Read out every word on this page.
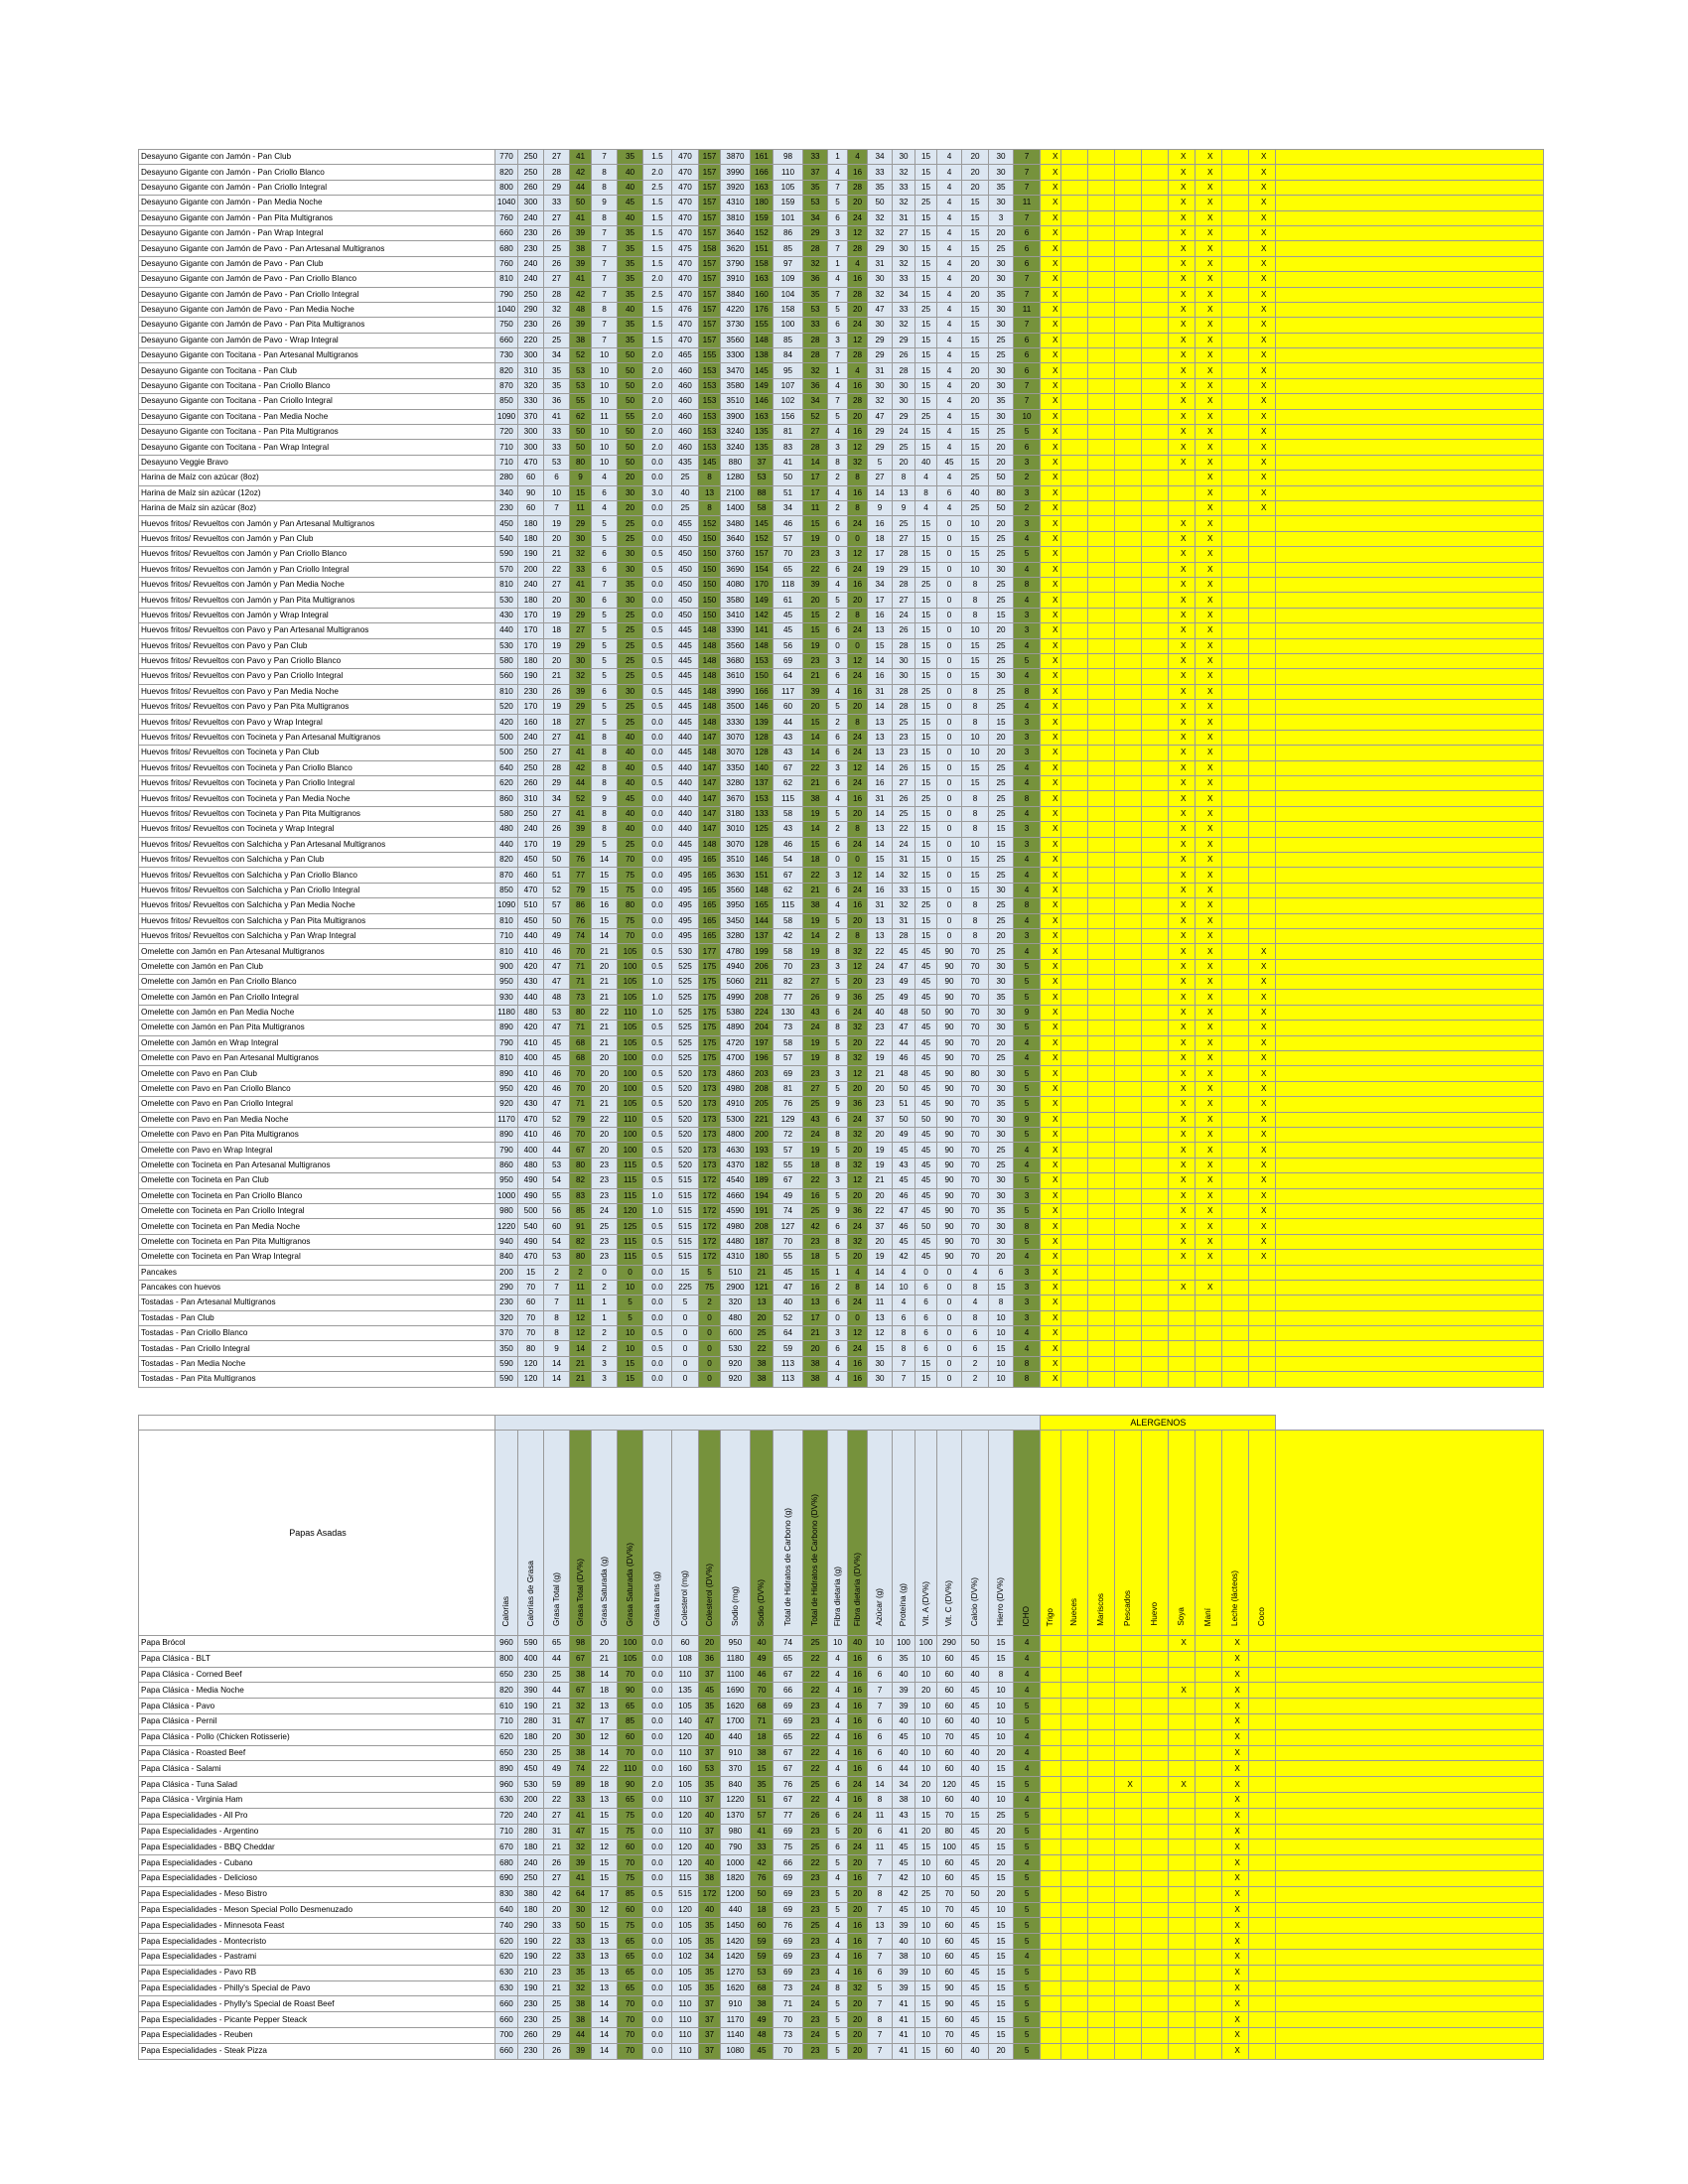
Desayuno Gigante con Jamón - Pan Club	770	250	27	41	7	35	1.5	470	157	3870	161	98	33	1	4	34	30	15	4	20	30	7	X					X	X		X	
Desayuno Gigante con Jamón - Pan Criollo Blanco	820	250	28	42	8	40	2.0	470	157	3990	166	110	37	4	16	33	32	15	4	20	30	7	X					X	X		X	
Desayuno Gigante con Jamón - Pan Criollo Integral	800	260	29	44	8	40	2.5	470	157	3920	163	105	35	7	28	35	33	15	4	20	35	7	X					X	X		X	
Desayuno Gigante con Jamón - Pan Media Noche	1040	300	33	50	9	45	1.5	470	157	4310	180	159	53	5	20	50	32	25	4	15	30	11	X					X	X		X	
Desayuno Gigante con Jamón - Pan Pita Multigranos	760	240	27	41	8	40	1.5	470	157	3810	159	101	34	6	24	32	31	15	4	15	3	7	X					X	X		X	
Desayuno Gigante con Jamón - Pan Wrap Integral	660	230	26	39	7	35	1.5	470	157	3640	152	86	29	3	12	32	27	15	4	15	20	6	X					X	X		X	
Desayuno Gigante con Jamón de Pavo - Pan Artesanal Multigranos	680	230	25	38	7	35	1.5	475	158	3620	151	85	28	7	28	29	30	15	4	15	25	6	X					X	X		X	
Desayuno Gigante con Jamón de Pavo - Pan Club	760	240	26	39	7	35	1.5	470	157	3790	158	97	32	1	4	31	32	15	4	20	30	6	X					X	X		X	
Desayuno Gigante con Jamón de Pavo - Pan Criollo Blanco	810	240	27	41	7	35	2.0	470	157	3910	163	109	36	4	16	30	33	15	4	20	30	7	X					X	X		X	
Desayuno Gigante con Jamón de Pavo - Pan Criollo Integral	790	250	28	42	7	35	2.5	470	157	3840	160	104	35	7	28	32	34	15	4	20	35	7	X					X	X		X	
Desayuno Gigante con Jamón de Pavo - Pan Media Noche	1040	290	32	48	8	40	1.5	476	157	4220	176	158	53	5	20	47	33	25	4	15	30	11	X					X	X		X	
Desayuno Gigante con Jamón de Pavo - Pan Pita Multigranos	750	230	26	39	7	35	1.5	470	157	3730	155	100	33	6	24	30	32	15	4	15	30	7	X					X	X		X	
Desayuno Gigante con Jamón de Pavo - Wrap Integral	660	220	25	38	7	35	1.5	470	157	3560	148	85	28	3	12	29	29	15	4	15	25	6	X					X	X		X	
Desayuno Gigante con Tocitana - Pan Artesanal Multigranos	730	300	34	52	10	50	2.0	465	155	3300	138	84	28	7	28	29	26	15	4	15	25	6	X					X	X		X	
Desayuno Gigante con Tocitana - Pan Club	820	310	35	53	10	50	2.0	460	153	3470	145	95	32	1	4	31	28	15	4	20	30	6	X					X	X		X	
Desayuno Gigante con Tocitana - Pan Criollo Blanco	870	320	35	53	10	50	2.0	460	153	3580	149	107	36	4	16	30	30	15	4	20	30	7	X					X	X		X	
Desayuno Gigante con Tocitana - Pan Criollo Integral	850	330	36	55	10	50	2.0	460	153	3510	146	102	34	7	28	32	30	15	4	20	35	7	X					X	X		X	
Desayuno Gigante con Tocitana - Pan Media Noche	1090	370	41	62	11	55	2.0	460	153	3900	163	156	52	5	20	47	29	25	4	15	30	10	X					X	X		X	
Desayuno Gigante con Tocitana - Pan Pita Multigranos	720	300	33	50	10	50	2.0	460	153	3240	135	81	27	4	16	29	24	15	4	15	25	5	X					X	X		X	
Desayuno Gigante con Tocitana - Pan Wrap Integral	710	300	33	50	10	50	2.0	460	153	3240	135	83	28	3	12	29	25	15	4	15	20	6	X					X	X		X	
Desayuno Veggie Bravo	710	470	53	80	10	50	0.0	435	145	880	37	41	14	8	32	5	20	40	45	15	20	3	X					X	X		X	
Harina de Maíz con azúcar (8oz)	280	60	6	9	4	20	0.0	25	8	1280	53	50	17	2	8	27	8	4	4	25	50	2	X						X		X	
Harina de Maíz sin azúcar (12oz)	340	90	10	15	6	30	3.0	40	13	2100	88	51	17	4	16	14	13	8	6	40	80	3	X						X		X	
Harina de Maíz sin azúcar (8oz)	230	60	7	11	4	20	0.0	25	8	1400	58	34	11	2	8	9	9	4	4	25	50	2	X						X		X	
Huevos fritos/ Revueltos con Jamón y Pan Artesanal Multigranos	450	180	19	29	5	25	0.0	455	152	3480	145	46	15	6	24	16	25	15	0	10	20	3	X					X	X			
Huevos fritos/ Revueltos con Jamón y Pan Club	540	180	20	30	5	25	0.0	450	150	3640	152	57	19	0	0	18	27	15	0	15	25	4	X					X	X			
Huevos fritos/ Revueltos con Jamón y Pan Criollo Blanco	590	190	21	32	6	30	0.5	450	150	3760	157	70	23	3	12	17	28	15	0	15	25	5	X					X	X			
Huevos fritos/ Revueltos con Jamón y Pan Criollo Integral	570	200	22	33	6	30	0.5	450	150	3690	154	65	22	6	24	19	29	15	0	10	30	4	X					X	X			
Huevos fritos/ Revueltos con Jamón y Pan Media Noche	810	240	27	41	7	35	0.0	450	150	4080	170	118	39	4	16	34	28	25	0	8	25	8	X					X	X			
Huevos fritos/ Revueltos con Jamón y Pan Pita Multigranos	530	180	20	30	6	30	0.0	450	150	3580	149	61	20	5	20	17	27	15	0	8	25	4	X					X	X			
Huevos fritos/ Revueltos con Jamón y Wrap Integral	430	170	19	29	5	25	0.0	450	150	3410	142	45	15	2	8	16	24	15	0	8	15	3	X					X	X			
Huevos fritos/ Revueltos con Pavo y Pan Artesanal Multigranos	440	170	18	27	5	25	0.5	445	148	3390	141	45	15	6	24	13	26	15	0	10	20	3	X					X	X			
Huevos fritos/ Revueltos con Pavo y Pan Club	530	170	19	29	5	25	0.5	445	148	3560	148	56	19	0	0	15	28	15	0	15	25	4	X					X	X			
Huevos fritos/ Revueltos con Pavo y Pan Criollo Blanco	580	180	20	30	5	25	0.5	445	148	3680	153	69	23	3	12	14	30	15	0	15	25	5	X					X	X			
Huevos fritos/ Revueltos con Pavo y Pan Criollo Integral	560	190	21	32	5	25	0.5	445	148	3610	150	64	21	6	24	16	30	15	0	15	30	4	X					X	X			
Huevos fritos/ Revueltos con Pavo y Pan Media Noche	810	230	26	39	6	30	0.5	445	148	3990	166	117	39	4	16	31	28	25	0	8	25	8	X					X	X			
Huevos fritos/ Revueltos con Pavo y Pan Pita Multigranos	520	170	19	29	5	25	0.5	445	148	3500	146	60	20	5	20	14	28	15	0	8	25	4	X					X	X			
Huevos fritos/ Revueltos con Pavo y Wrap Integral	420	160	18	27	5	25	0.0	445	148	3330	139	44	15	2	8	13	25	15	0	8	15	3	X					X	X			
Huevos fritos/ Revueltos con Tocineta y Pan Artesanal Multigranos	500	240	27	41	8	40	0.0	440	147	3070	128	43	14	6	24	13	23	15	0	10	20	3	X					X	X			
Huevos fritos/ Revueltos con Tocineta y Pan Club	500	250	27	41	8	40	0.0	445	148	3070	128	43	14	6	24	13	23	15	0	10	20	3	X					X	X			
Huevos fritos/ Revueltos con Tocineta y Pan Criollo Blanco	640	250	28	42	8	40	0.5	440	147	3350	140	67	22	3	12	14	26	15	0	15	25	4	X					X	X			
Huevos fritos/ Revueltos con Tocineta y Pan Criollo Integral	620	260	29	44	8	40	0.5	440	147	3280	137	62	21	6	24	16	27	15	0	15	25	4	X					X	X			
Huevos fritos/ Revueltos con Tocineta y Pan Media Noche	860	310	34	52	9	45	0.0	440	147	3670	153	115	38	4	16	31	26	25	0	8	25	8	X					X	X			
Huevos fritos/ Revueltos con Tocineta y Pan Pita Multigranos	580	250	27	41	8	40	0.0	440	147	3180	133	58	19	5	20	14	25	15	0	8	25	4	X					X	X			
Huevos fritos/ Revueltos con Tocineta y Wrap Integral	480	240	26	39	8	40	0.0	440	147	3010	125	43	14	2	8	13	22	15	0	8	15	3	X					X	X			
Huevos fritos/ Revueltos con Salchicha y Pan Artesanal Multigranos	440	170	19	29	5	25	0.0	445	148	3070	128	46	15	6	24	14	24	15	0	10	15	3	X					X	X			
Huevos fritos/ Revueltos con Salchicha y Pan Club	820	450	50	76	14	70	0.0	495	165	3510	146	54	18	0	0	15	31	15	0	15	25	4	X					X	X			
Huevos fritos/ Revueltos con Salchicha y Pan Criollo Blanco	870	460	51	77	15	75	0.0	495	165	3630	151	67	22	3	12	14	32	15	0	15	25	4	X					X	X			
Huevos fritos/ Revueltos con Salchicha y Pan Criollo Integral	850	470	52	79	15	75	0.0	495	165	3560	148	62	21	6	24	16	33	15	0	15	30	4	X					X	X			
Huevos fritos/ Revueltos con Salchicha y Pan Media Noche	1090	510	57	86	16	80	0.0	495	165	3950	165	115	38	4	16	31	32	25	0	8	25	8	X					X	X			
Huevos fritos/ Revueltos con Salchicha y Pan Pita Multigranos	810	450	50	76	15	75	0.0	495	165	3450	144	58	19	5	20	13	31	15	0	8	25	4	X					X	X			
Huevos fritos/ Revueltos con Salchicha y Pan Wrap Integral	710	440	49	74	14	70	0.0	495	165	3280	137	42	14	2	8	13	28	15	0	8	20	3	X					X	X			
Omelette con Jamón en Pan Artesanal Multigranos	810	410	46	70	21	105	0.5	530	177	4780	199	58	19	8	32	22	45	45	90	70	25	4	X					X	X		X	
Omelette con Jamón en Pan Club	900	420	47	71	20	100	0.5	525	175	4940	206	70	23	3	12	24	47	45	90	70	30	5	X					X	X		X	
Omelette con Jamón en Pan Criollo Blanco	950	430	47	71	21	105	1.0	525	175	5060	211	82	27	5	20	23	49	45	90	70	30	5	X					X	X		X	
Omelette con Jamón en Pan Criollo Integral	930	440	48	73	21	105	1.0	525	175	4990	208	77	26	9	36	25	49	45	90	70	35	5	X					X	X		X	
Omelette con Jamón en Pan Media Noche	1180	480	53	80	22	110	1.0	525	175	5380	224	130	43	6	24	40	48	50	90	70	30	9	X					X	X		X	
Omelette con Jamón en Pan Pita Multigranos	890	420	47	71	21	105	0.5	525	175	4890	204	73	24	8	32	23	47	45	90	70	30	5	X					X	X		X	
Omelette con Jamón en Wrap Integral	790	410	45	68	21	105	0.5	525	175	4720	197	58	19	5	20	22	44	45	90	70	20	4	X					X	X		X	
Omelette con Pavo en Pan Artesanal Multigranos	810	400	45	68	20	100	0.0	525	175	4700	196	57	19	8	32	19	46	45	90	70	25	4	X					X	X		X	
Omelette con Pavo en Pan Club	890	410	46	70	20	100	0.5	520	173	4860	203	69	23	3	12	21	48	45	90	80	30	5	X					X	X		X	
Omelette con Pavo en Pan Criollo Blanco	950	420	46	70	20	100	0.5	520	173	4980	208	81	27	5	20	20	50	45	90	70	30	5	X					X	X		X	
Omelette con Pavo en Pan Criollo Integral	920	430	47	71	21	105	0.5	520	173	4910	205	76	25	9	36	23	51	45	90	70	35	5	X					X	X		X	
Omelette con Pavo en Pan Media Noche	1170	470	52	79	22	110	0.5	520	173	5300	221	129	43	6	24	37	50	50	90	70	30	9	X					X	X		X	
Omelette con Pavo en Pan Pita Multigranos	890	410	46	70	20	100	0.5	520	173	4800	200	72	24	8	32	20	49	45	90	70	30	5	X					X	X		X	
Omelette con Pavo en Wrap Integral	790	400	44	67	20	100	0.5	520	173	4630	193	57	19	5	20	19	45	45	90	70	25	4	X					X	X		X	
Omelette con Tocineta en Pan Artesanal Multigranos	860	480	53	80	23	115	0.5	520	173	4370	182	55	18	8	32	19	43	45	90	70	25	4	X					X	X		X	
Omelette con Tocineta en Pan Club	950	490	54	82	23	115	0.5	515	172	4540	189	67	22	3	12	21	45	45	90	70	30	5	X					X	X		X	
Omelette con Tocineta en Pan Criollo Blanco	1000	490	55	83	23	115	1.0	515	172	4660	194	49	16	5	20	20	46	45	90	70	30	3	X					X	X		X	
Omelette con Tocineta en Pan Criollo Integral	980	500	56	85	24	120	1.0	515	172	4590	191	74	25	9	36	22	47	45	90	70	35	5	X					X	X		X	
Omelette con Tocineta en Pan Media Noche	1220	540	60	91	25	125	0.5	515	172	4980	208	127	42	6	24	37	46	50	90	70	30	8	X					X	X		X	
Omelette con Tocineta en Pan Pita Multigranos	940	490	54	82	23	115	0.5	515	172	4480	187	70	23	8	32	20	45	45	90	70	30	5	X					X	X		X	
Omelette con Tocineta en Pan Wrap Integral	840	470	53	80	23	115	0.5	515	172	4310	180	55	18	5	20	19	42	45	90	70	20	4	X					X	X		X	
Pancakes	200	15	2	2	0	0	0.0	15	5	510	21	45	15	1	4	14	4	0	0	4	6	3	X									
Pancakes con huevos	290	70	7	11	2	10	0.0	225	75	2900	121	47	16	2	8	14	10	6	0	8	15	3	X					X	X			
Tostadas - Pan Artesanal Multigranos	230	60	7	11	1	5	0.0	5	2	320	13	40	13	6	24	11	4	6	0	4	8	3	X									
Tostadas - Pan Club	320	70	8	12	1	5	0.0	0	0	480	20	52	17	0	0	13	6	6	0	8	10	3	X									
Tostadas - Pan Criollo Blanco	370	70	8	12	2	10	0.5	0	0	600	25	64	21	3	12	12	8	6	0	6	10	4	X									
Tostadas - Pan Criollo Integral	350	80	9	14	2	10	0.5	0	0	530	22	59	20	6	24	15	8	6	0	6	15	4	X									
Tostadas - Pan Media Noche	590	120	14	21	3	15	0.0	0	0	920	38	113	38	4	16	30	7	15	0	2	10	8	X									
Tostadas - Pan Pita Multigranos	590	120	14	21	3	15	0.0	0	0	920	38	113	38	4	16	30	7	15	0	2	10	8	X									
																							ALERGENOS									
Papas Asadas	Calorías	Calorías de Grasa	Grasa Total (g)	Grasa Total (DV%)	Grasa Saturada (g)	Grasa Saturada (DV%)	Grasa trans (g)	Colesterol (mg)	Colesterol (DV%)	Sodio (mg)	Sodio (DV%)	Total de Hidratos de Carbono (g)	Total de Hidratos de Carbono (DV%)	Fibra dietaria (g)	Fibra dietaria (DV%)	Azúcar (g)	Proteína (g)	Vit. A (DV%)	Vit. C (DV%)	Calcio (DV%)	Hierro (DV%)	ICHO	Trigo	Nueces	Mariscos	Pescados	Huevo	Soya	Maní	Leche (lácteos)	Coco	
Papa Brócol	960	590	65	98	20	100	0.0	60	20	950	40	74	25	10	40	10	100	100	290	50	15	4						X		X		
Papa Clásica - BLT	800	400	44	67	21	105	0.0	108	36	1180	49	65	22	4	16	6	35	10	60	45	15	4								X		
Papa Clásica - Corned Beef	650	230	25	38	14	70	0.0	110	37	1100	46	67	22	4	16	6	40	10	60	40	8	4								X		
Papa Clásica - Media Noche	820	390	44	67	18	90	0.0	135	45	1690	70	66	22	4	16	7	39	20	60	45	10	4						X		X		
Papa Clásica - Pavo	610	190	21	32	13	65	0.0	105	35	1620	68	69	23	4	16	7	39	10	60	45	10	5								X		
Papa Clásica - Pernil	710	280	31	47	17	85	0.0	140	47	1700	71	69	23	4	16	6	40	10	60	40	10	5								X		
Papa Clásica - Pollo (Chicken Rotisserie)	620	180	20	30	12	60	0.0	120	40	440	18	65	22	4	16	6	45	10	70	45	10	4								X		
Papa Clásica - Roasted Beef	650	230	25	38	14	70	0.0	110	37	910	38	67	22	4	16	6	40	10	60	40	20	4								X		
Papa Clásica - Salami	890	450	49	74	22	110	0.0	160	53	370	15	67	22	4	16	6	44	10	60	40	15	4								X		
Papa Clásica - Tuna Salad	960	530	59	89	18	90	2.0	105	35	840	35	76	25	6	24	14	34	20	120	45	15	5				X		X		X		
Papa Clásica - Virginia Ham	630	200	22	33	13	65	0.0	110	37	1220	51	67	22	4	16	8	38	10	60	40	10	4								X		
Papa Especialidades - All Pro	720	240	27	41	15	75	0.0	120	40	1370	57	77	26	6	24	11	43	15	70	15	25	5								X		
Papa Especialidades - Argentino	710	280	31	47	15	75	0.0	110	37	980	41	69	23	5	20	6	41	20	80	45	20	5								X		
Papa Especialidades - BBQ Cheddar	670	180	21	32	12	60	0.0	120	40	790	33	75	25	6	24	11	45	15	100	45	15	5								X		
Papa Especialidades - Cubano	680	240	26	39	15	70	0.0	120	40	1000	42	66	22	5	20	7	45	10	60	45	20	4								X		
Papa Especialidades - Delicioso	690	250	27	41	15	75	0.0	115	38	1820	76	69	23	4	16	7	42	10	60	45	15	5								X		
Papa Especialidades - Meso Bistro	830	380	42	64	17	85	0.5	515	172	1200	50	69	23	5	20	8	42	25	70	50	20	5								X		
Papa Especialidades - Meson Special Pollo Desmenuzado	640	180	20	30	12	60	0.0	120	40	440	18	69	23	5	20	7	45	10	70	45	10	5								X		
Papa Especialidades - Minnesota Feast	740	290	33	50	15	75	0.0	105	35	1450	60	76	25	4	16	13	39	10	60	45	15	5								X		
Papa Especialidades - Montecristo	620	190	22	33	13	65	0.0	105	35	1420	59	69	23	4	16	7	40	10	60	45	15	5								X		
Papa Especialidades - Pastrami	620	190	22	33	13	65	0.0	102	34	1420	59	69	23	4	16	7	38	10	60	45	15	4								X		
Papa Especialidades - Pavo RB	630	210	23	35	13	65	0.0	105	35	1270	53	69	23	4	16	6	39	10	60	45	15	5								X		
Papa Especialidades - Philly's Special de Pavo	630	190	21	32	13	65	0.0	105	35	1620	68	73	24	8	32	5	39	15	90	45	15	5								X		
Papa Especialidades - Phylly's Special de Roast Beef	660	230	25	38	14	70	0.0	110	37	910	38	71	24	5	20	7	41	15	90	45	15	5								X		
Papa Especialidades - Picante Pepper Steack	660	230	25	38	14	70	0.0	110	37	1170	49	70	23	5	20	8	41	15	60	45	15	5								X		
Papa Especialidades - Reuben	700	260	29	44	14	70	0.0	110	37	1140	48	73	24	5	20	7	41	10	70	45	15	5								X		
Papa Especialidades - Steak Pizza	660	230	26	39	14	70	0.0	110	37	1080	45	70	23	5	20	7	41	15	60	40	20	5								X		
